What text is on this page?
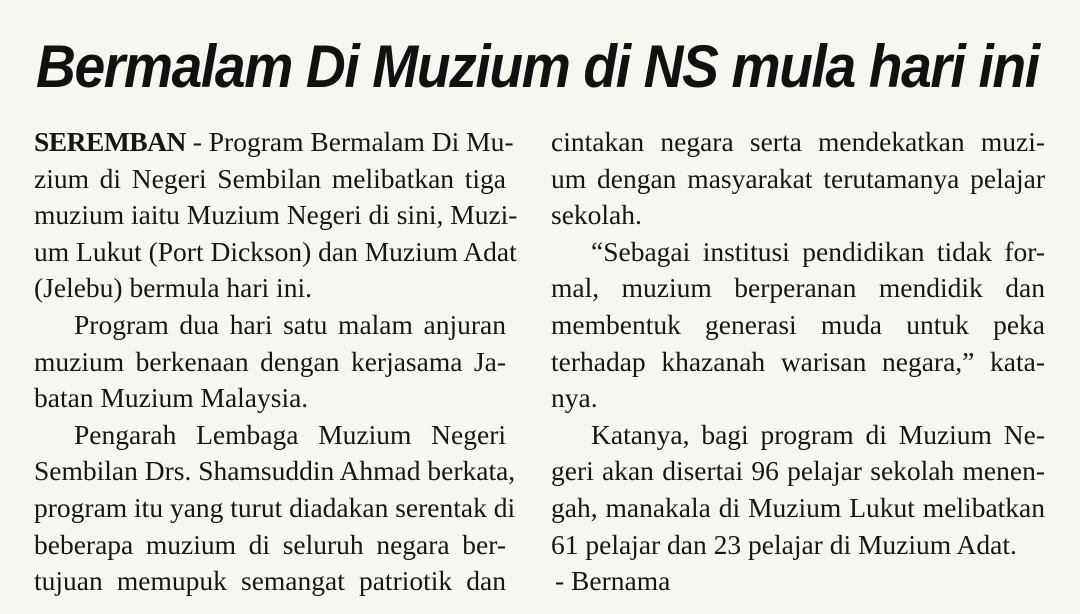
Bermalam Di Muzium di NS mula hari ini
SEREMBAN - Program Bermalam Di Mu-
zium di Negeri Sembilan melibatkan tiga
muzium iaitu Muzium Negeri di sini, Muzi-
um Lukut (Port Dickson) dan Muzium Adat
(Jelebu) bermula hari ini.
Program dua hari satu malam anjuran
muzium berkenaan dengan kerjasama Ja-
batan Muzium Malaysia.
Pengarah Lembaga Muzium Negeri
Sembilan Drs. Shamsuddin Ahmad berkata,
program itu yang turut diadakan serentak di
beberapa muzium di seluruh negara ber-
tujuan memupuk semangat patriotik dan
cintakan negara serta mendekatkan muzi-
um dengan masyarakat terutamanya pelajar
sekolah.
“Sebagai institusi pendidikan tidak for-
mal, muzium berperanan mendidik dan
membentuk generasi muda untuk peka
terhadap khazanah warisan negara,” kata-
nya.
Katanya, bagi program di Muzium Ne-
geri akan disertai 96 pelajar sekolah menen-
gah, manakala di Muzium Lukut melibatkan
61 pelajar dan 23 pelajar di Muzium Adat.
- Bernama
